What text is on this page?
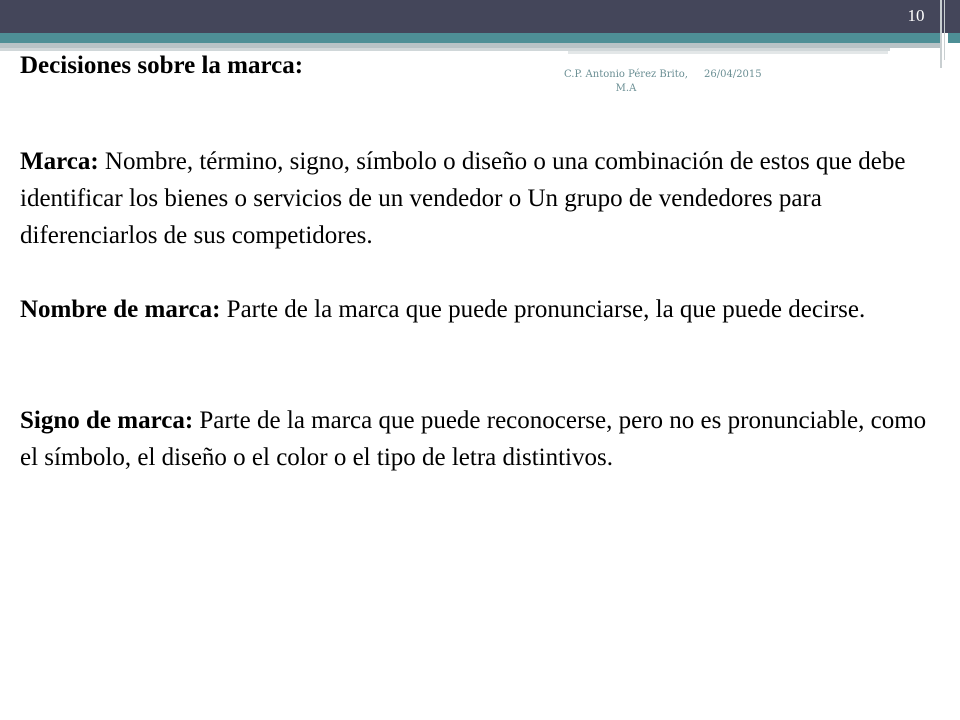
10
C.P. Antonio Pérez Brito, M.A
26/04/2015
Decisiones sobre la marca:

Marca: Nombre, término, signo, símbolo o diseño o una combinación de estos que debe identificar los bienes o servicios de un vendedor o Un grupo de vendedores para diferenciarlos de sus competidores.

Nombre de marca: Parte de la marca que puede pronunciarse, la que puede decirse.

Signo de marca: Parte de la marca que puede reconocerse, pero no es pronunciable, como el símbolo, el diseño o el color o el tipo de letra distintivos.
